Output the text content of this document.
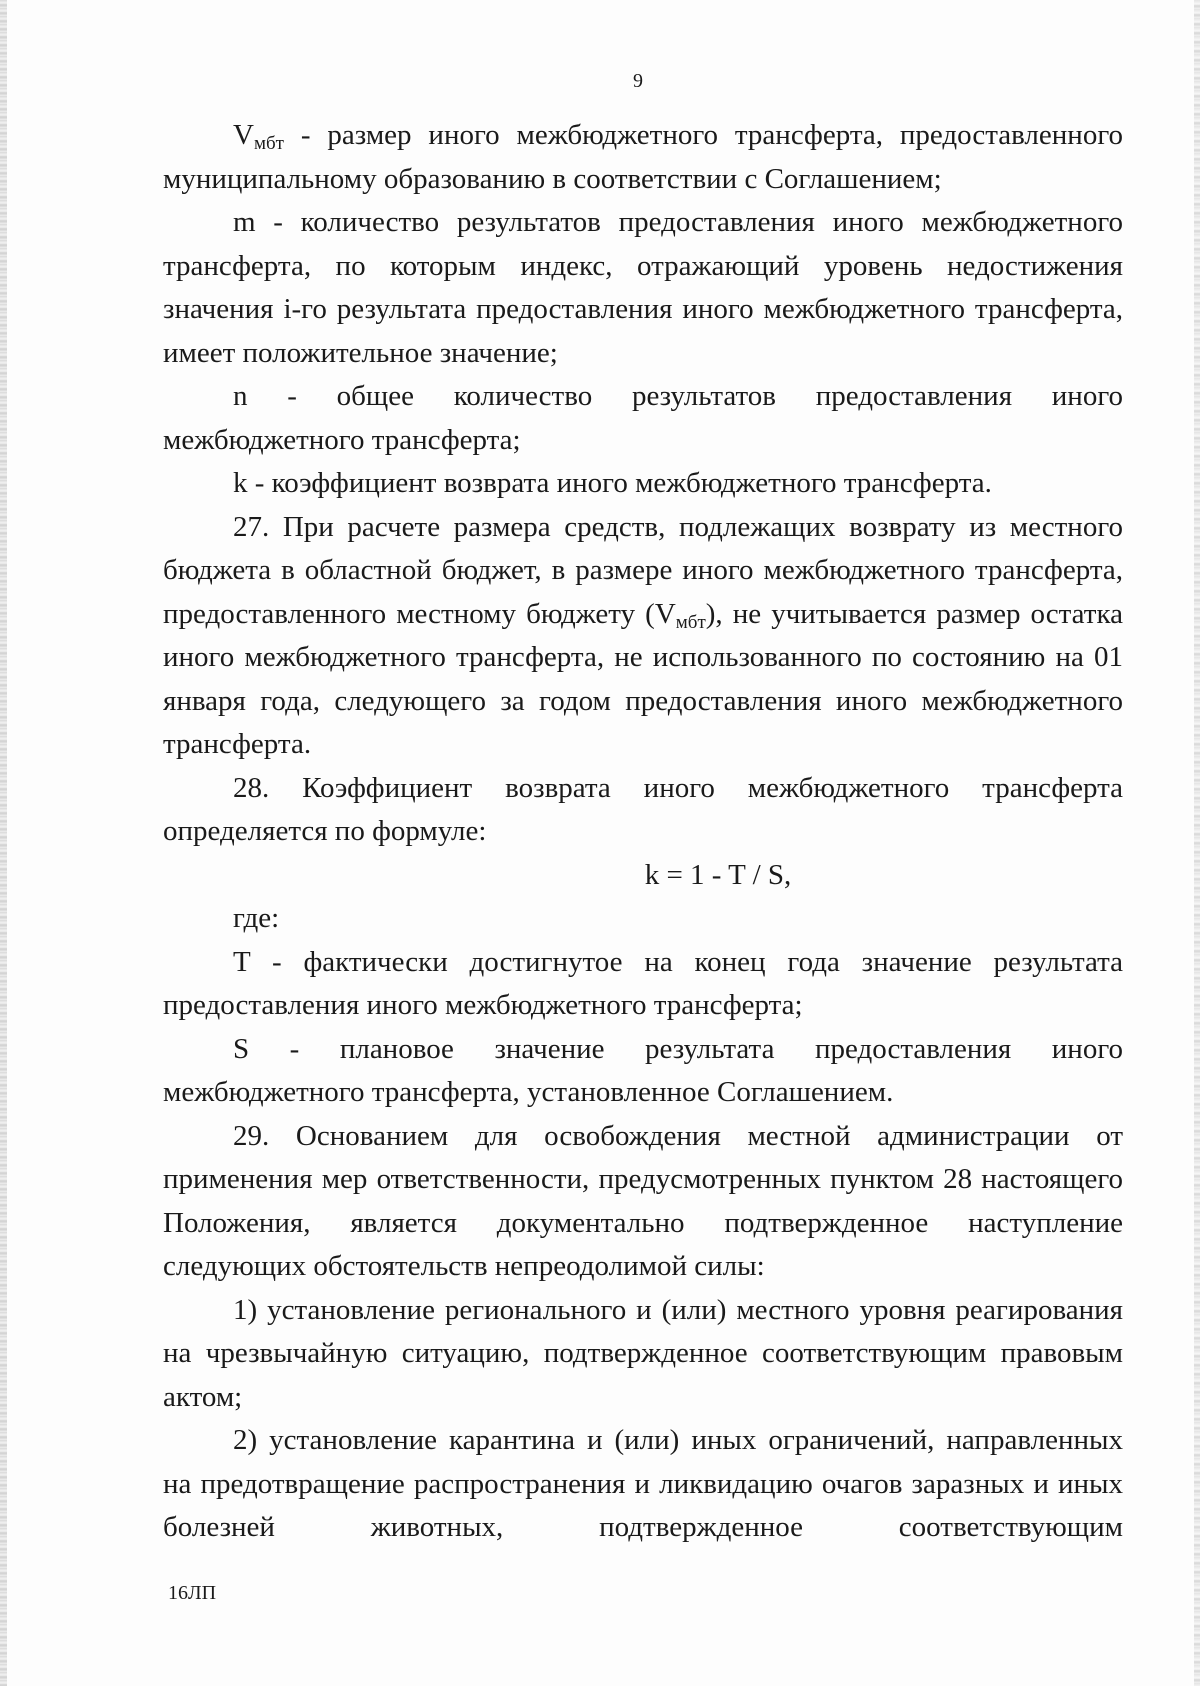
9

$V_{мбт}$ - размер иного межбюджетного трансферта, предоставленного муниципальному образованию в соответствии с Соглашением;

m - количество результатов предоставления иного межбюджетного трансферта, по которым индекс, отражающий уровень недостижения значения i-го результата предоставления иного межбюджетного трансферта, имеет положительное значение;

n - общее количество результатов предоставления иного межбюджетного трансферта;

k - коэффициент возврата иного межбюджетного трансферта.

27. При расчете размера средств, подлежащих возврату из местного бюджета в областной бюджет, в размере иного межбюджетного трансферта, предоставленного местному бюджету $(V_{мбт})$, не учитывается размер остатка иного межбюджетного трансферта, не использованного по состоянию на 01 января года, следующего за годом предоставления иного межбюджетного трансферта.

28. Коэффициент возврата иного межбюджетного трансферта определяется по формуле:

k = 1 - T / S,

где:

T - фактически достигнутое на конец года значение результата предоставления иного межбюджетного трансферта;

S - плановое значение результата предоставления иного межбюджетного трансферта, установленное Соглашением.

29. Основанием для освобождения местной администрации от применения мер ответственности, предусмотренных пунктом 28 настоящего Положения, является документально подтвержденное наступление следующих обстоятельств непреодолимой силы:

1) установление регионального и (или) местного уровня реагирования на чрезвычайную ситуацию, подтвержденное соответствующим правовым актом;

2) установление карантина и (или) иных ограничений, направленных на предотвращение распространения и ликвидацию очагов заразных и иных болезней животных, подтвержденное соответствующим

16ЛП
